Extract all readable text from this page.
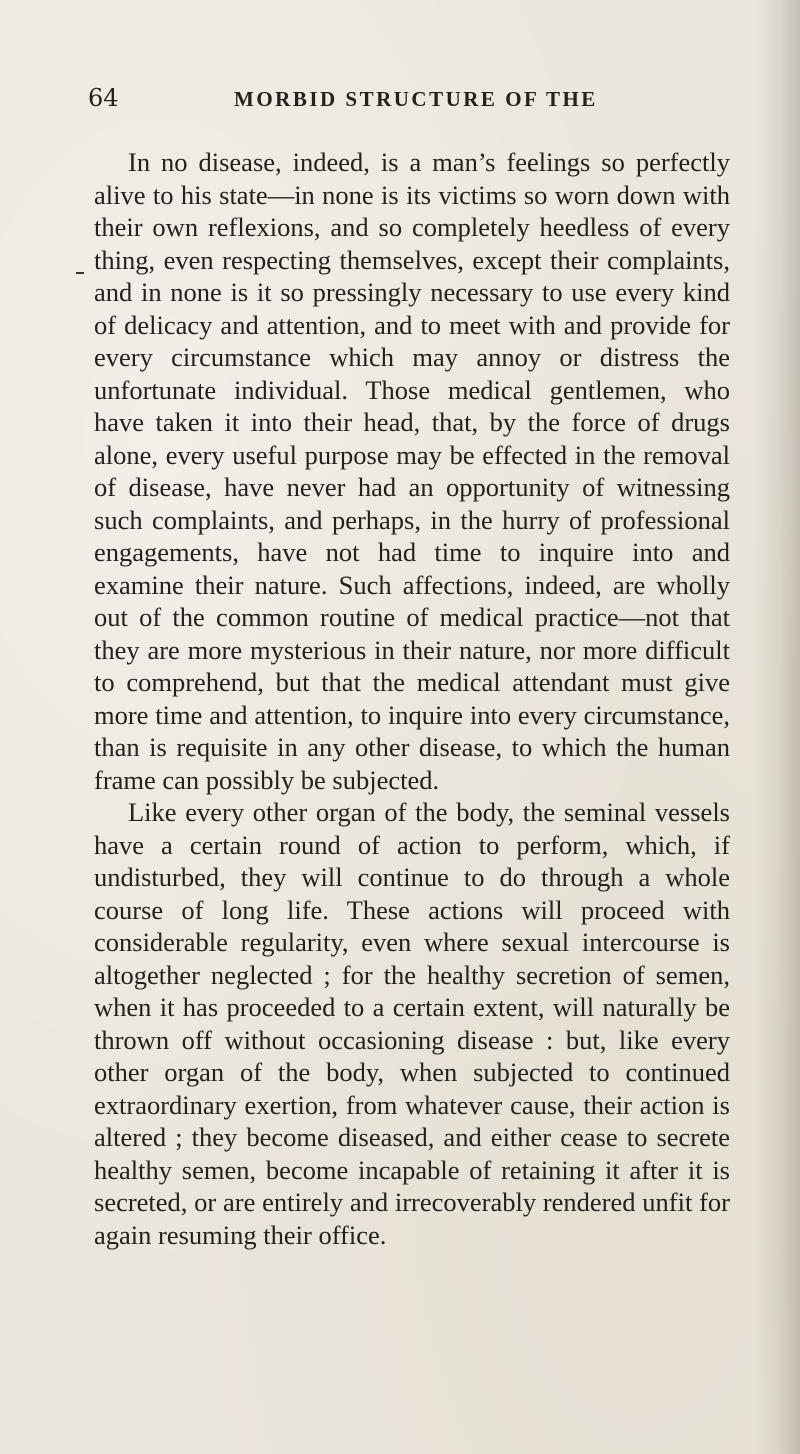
64	MORBID STRUCTURE OF THE

In no disease, indeed, is a man’s feelings so perfectly alive to his state—in none is its victims so worn down with their own reflexions, and so completely heedless of every thing, even respecting themselves, except their complaints, and in none is it so pressingly necessary to use every kind of delicacy and attention, and to meet with and provide for every circumstance which may annoy or distress the unfortunate individual. Those medical gentlemen, who have taken it into their head, that, by the force of drugs alone, every useful purpose may be effected in the removal of disease, have never had an opportunity of witnessing such complaints, and perhaps, in the hurry of professional engagements, have not had time to inquire into and examine their nature. Such affections, indeed, are wholly out of the common routine of medical practice—not that they are more mysterious in their nature, nor more difficult to comprehend, but that the medical attendant must give more time and attention, to inquire into every circumstance, than is requisite in any other disease, to which the human frame can possibly be subjected.

Like every other organ of the body, the seminal vessels have a certain round of action to perform, which, if undisturbed, they will continue to do through a whole course of long life. These actions will proceed with considerable regularity, even where sexual intercourse is altogether neglected ; for the healthy secretion of semen, when it has proceeded to a certain extent, will naturally be thrown off without occasioning disease : but, like every other organ of the body, when subjected to continued extraordinary exertion, from whatever cause, their action is altered ; they become diseased, and either cease to secrete healthy semen, become incapable of retaining it after it is secreted, or are entirely and irrecoverably rendered unfit for again resuming their office.
